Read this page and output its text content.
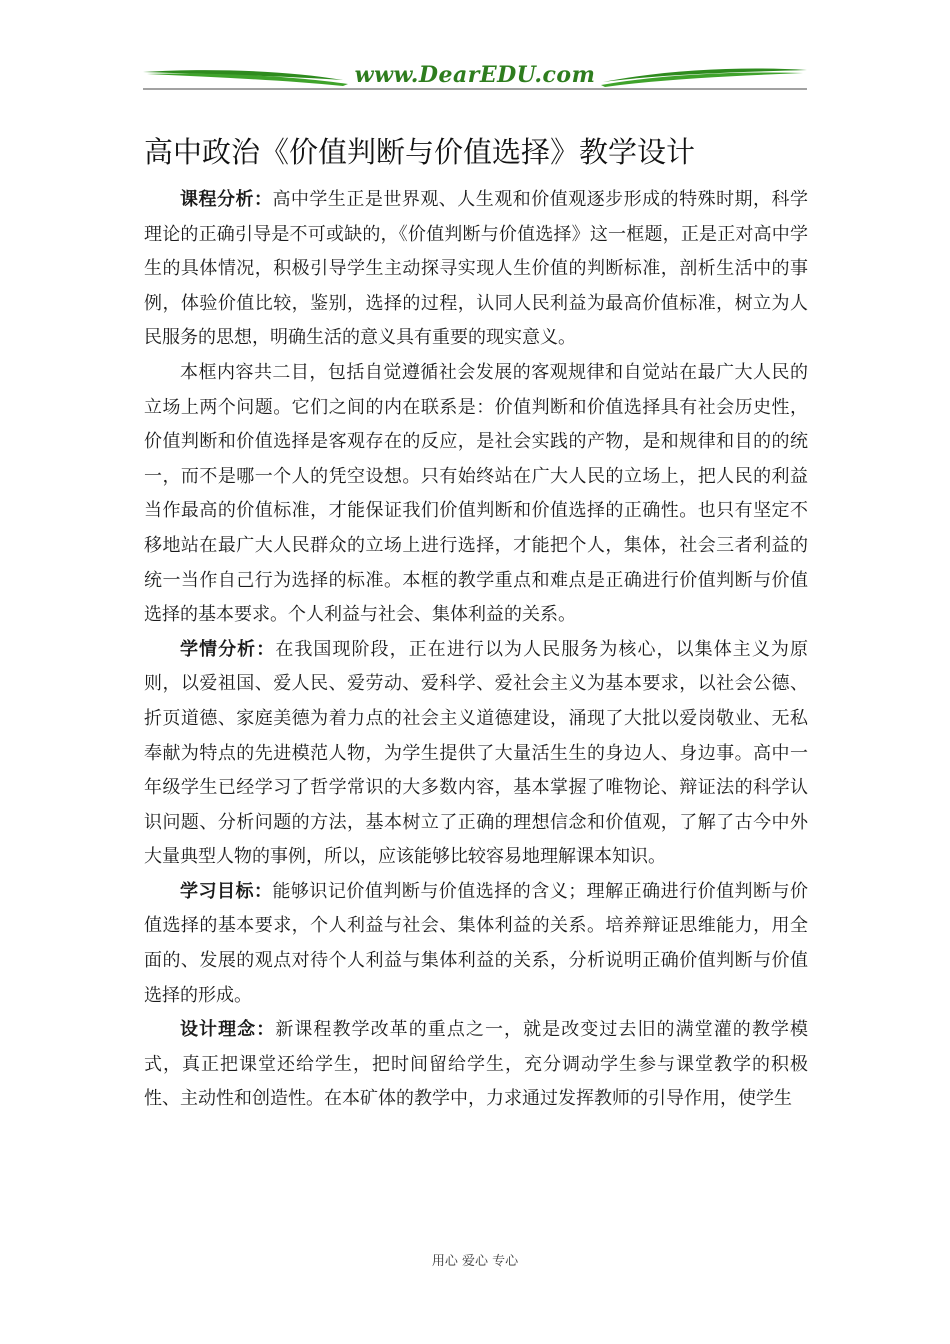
www.DearEDU.com
高中政治《价值判断与价值选择》教学设计

课程分析：高中学生正是世界观、人生观和价值观逐步形成的特殊时期，科学理论的正确引导是不可或缺的，《价值判断与价值选择》这一框题，正是正对高中学生的具体情况，积极引导学生主动探寻实现人生价值的判断标准，剖析生活中的事例，体验价值比较，鉴别，选择的过程，认同人民利益为最高价值标准，树立为人民服务的思想，明确生活的意义具有重要的现实意义。

本框内容共二目，包括自觉遵循社会发展的客观规律和自觉站在最广大人民的立场上两个问题。它们之间的内在联系是：价值判断和价值选择具有社会历史性，价值判断和价值选择是客观存在的反应，是社会实践的产物，是和规律和目的的统一，而不是哪一个人的凭空设想。只有始终站在广大人民的立场上，把人民的利益当作最高的价值标准，才能保证我们价值判断和价值选择的正确性。也只有坚定不移地站在最广大人民群众的立场上进行选择，才能把个人，集体，社会三者利益的统一当作自己行为选择的标准。本框的教学重点和难点是正确进行价值判断与价值选择的基本要求。个人利益与社会、集体利益的关系。

学情分析：在我国现阶段，正在进行以为人民服务为核心，以集体主义为原则，以爱祖国、爱人民、爱劳动、爱科学、爱社会主义为基本要求，以社会公德、折页道德、家庭美德为着力点的社会主义道德建设，涌现了大批以爱岗敬业、无私奉献为特点的先进模范人物，为学生提供了大量活生生的身边人、身边事。高中一年级学生已经学习了哲学常识的大多数内容，基本掌握了唯物论、辩证法的科学认识问题、分析问题的方法，基本树立了正确的理想信念和价值观，了解了古今中外大量典型人物的事例，所以，应该能够比较容易地理解课本知识。

学习目标：能够识记价值判断与价值选择的含义；理解正确进行价值判断与价值选择的基本要求，个人利益与社会、集体利益的关系。培养辩证思维能力，用全面的、发展的观点对待个人利益与集体利益的关系，分析说明正确价值判断与价值选择的形成。

设计理念：新课程教学改革的重点之一，就是改变过去旧的满堂灌的教学模式，真正把课堂还给学生，把时间留给学生，充分调动学生参与课堂教学的积极性、主动性和创造性。在本矿体的教学中，力求通过发挥教师的引导作用，使学生

用心 爱心 专心
